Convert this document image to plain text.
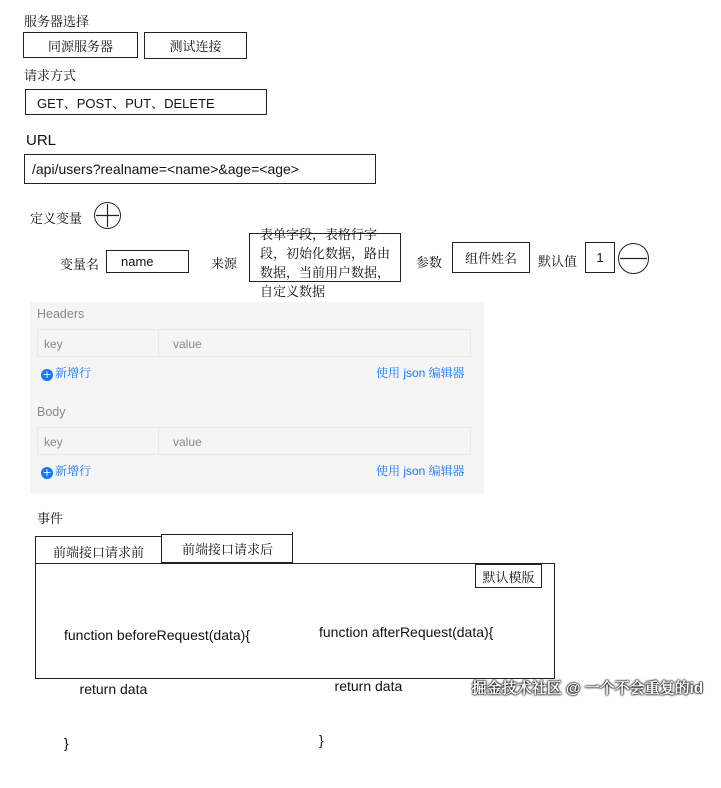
服务器选择
同源服务器	测试连接
请求方式
GET、POST、PUT、DELETE
URL
/api/users?realname=<name>&age=<age>
定义变量
变量名	name	来源
表单字段，表格行字段，初始化数据，路由数据，当前用户数据，自定义数据
参数	组件姓名	默认值	1
Headers
key	value
+ 新增行	使用 json 编辑器
Body
key	value
+ 新增行	使用 json 编辑器
事件
前端接口请求前	前端接口请求后
默认模版

function beforeRequest(data){

return data

}

function afterRequest(data){

return data

}

掘金技术社区 @ 一个不会重复的id
